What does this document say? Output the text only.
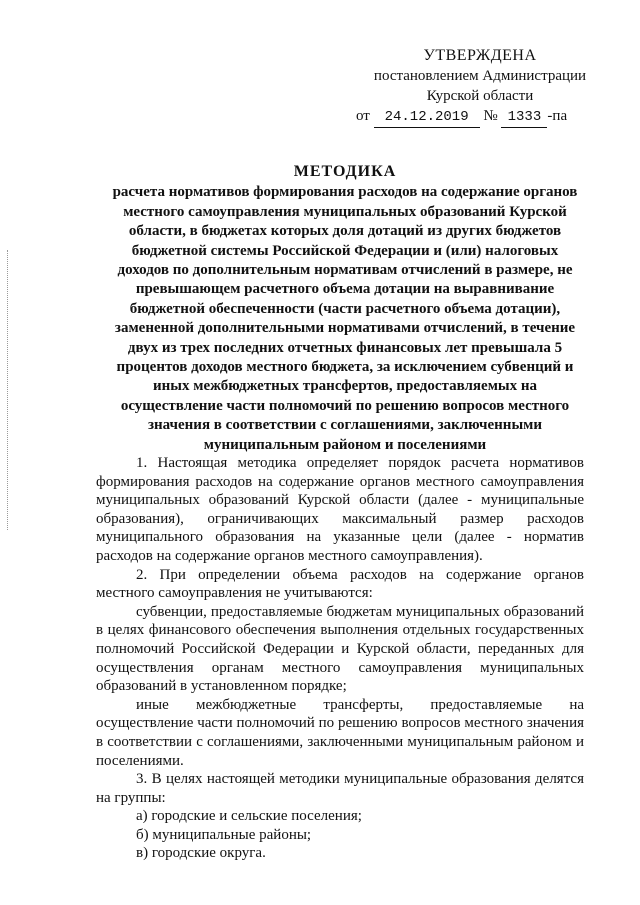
УТВЕРЖДЕНА
постановлением Администрации
Курской области
от 24.12.2019 № 1333 -па
МЕТОДИКА
расчета нормативов формирования расходов на содержание органов местного самоуправления муниципальных образований Курской области, в бюджетах которых доля дотаций из других бюджетов бюджетной системы Российской Федерации и (или) налоговых доходов по дополнительным нормативам отчислений в размере, не превышающем расчетного объема дотации на выравнивание бюджетной обеспеченности (части расчетного объема дотации), замененной дополнительными нормативами отчислений, в течение двух из трех последних отчетных финансовых лет превышала 5 процентов доходов местного бюджета, за исключением субвенций и иных межбюджетных трансфертов, предоставляемых на осуществление части полномочий по решению вопросов местного значения в соответствии с соглашениями, заключенными муниципальным районом и поселениями

1. Настоящая методика определяет порядок расчета нормативов формирования расходов на содержание органов местного самоуправления муниципальных образований Курской области (далее - муниципальные образования), ограничивающих максимальный размер расходов муниципального образования на указанные цели (далее - норматив расходов на содержание органов местного самоуправления).

2. При определении объема расходов на содержание органов местного самоуправления не учитываются:

субвенции, предоставляемые бюджетам муниципальных образований в целях финансового обеспечения выполнения отдельных государственных полномочий Российской Федерации и Курской области, переданных для осуществления органам местного самоуправления муниципальных образований в установленном порядке;

иные межбюджетные трансферты, предоставляемые на осуществление части полномочий по решению вопросов местного значения в соответствии с соглашениями, заключенными муниципальным районом и поселениями.

3. В целях настоящей методики муниципальные образования делятся на группы:

а) городские и сельские поселения;

б) муниципальные районы;

в) городские округа.
